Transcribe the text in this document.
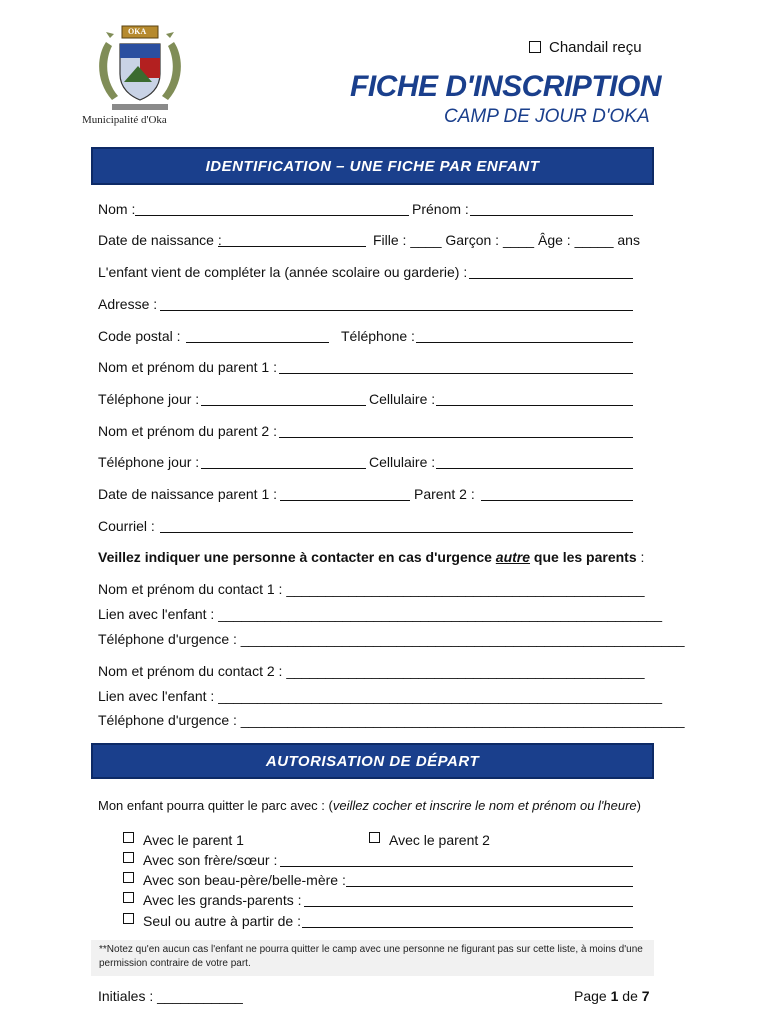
OKA
Municipalité d'Oka
Chandail reçu
FICHE D'INSCRIPTION
CAMP DE JOUR D'OKA
IDENTIFICATION – UNE FICHE PAR ENFANT
Nom :	Prénom :
Date de naissance :	Fille : ____ Garçon : ____ Âge : _____ ans
L'enfant vient de compléter la (année scolaire ou garderie) :
Adresse :
Code postal :	Téléphone :
Nom et prénom du parent 1 :
Téléphone jour :	Cellulaire :
Nom et prénom du parent 2 :
Téléphone jour :	Cellulaire :
Date de naissance parent 1 :	Parent 2 :
Courriel :
Veillez indiquer une personne à contacter en cas d'urgence autre que les parents :
Nom et prénom du contact 1 : ______________________________________________
Lien avec l'enfant : _________________________________________________________
Téléphone d'urgence : _________________________________________________________
Nom et prénom du contact 2 : ______________________________________________
Lien avec l'enfant : _________________________________________________________
Téléphone d'urgence : _________________________________________________________
AUTORISATION DE DÉPART
Mon enfant pourra quitter le parc avec : (veillez cocher et inscrire le nom et prénom ou l'heure)
Avec le parent 1	Avec le parent 2
Avec son frère/sœur :
Avec son beau-père/belle-mère :
Avec les grands-parents :
Seul ou autre à partir de :
**Notez qu'en aucun cas l'enfant ne pourra quitter le camp avec une personne ne figurant pas sur cette liste, à moins d'une permission contraire de votre part.
Initiales : ___________	Page 1 de 7
